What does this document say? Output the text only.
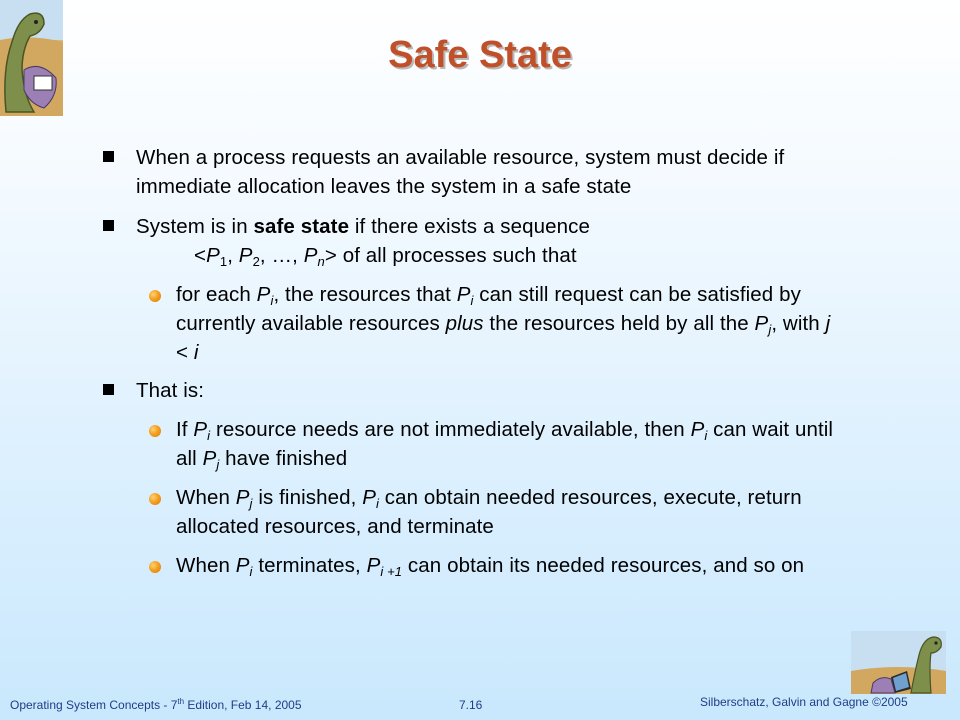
Safe State
When a process requests an available resource, system must decide if immediate allocation leaves the system in a safe state
System is in safe state if there exists a sequence
$<P_1$, $P_2$, …, $P_n>$ of all processes such that
for each $P_i$, the resources that $P_i$ can still request can be satisfied by currently available resources plus the resources held by all the $P_j$, with j < i
That is:
If $P_i$ resource needs are not immediately available, then $P_i$ can wait until all $P_j$ have finished
When $P_j$ is finished, $P_i$ can obtain needed resources, execute, return allocated resources, and terminate
When $P_i$ terminates, $P_{i +1}$ can obtain its needed resources, and so on
Operating System Concepts - 7th Edition, Feb 14, 2005	7.16	Silberschatz, Galvin and Gagne ©2005
